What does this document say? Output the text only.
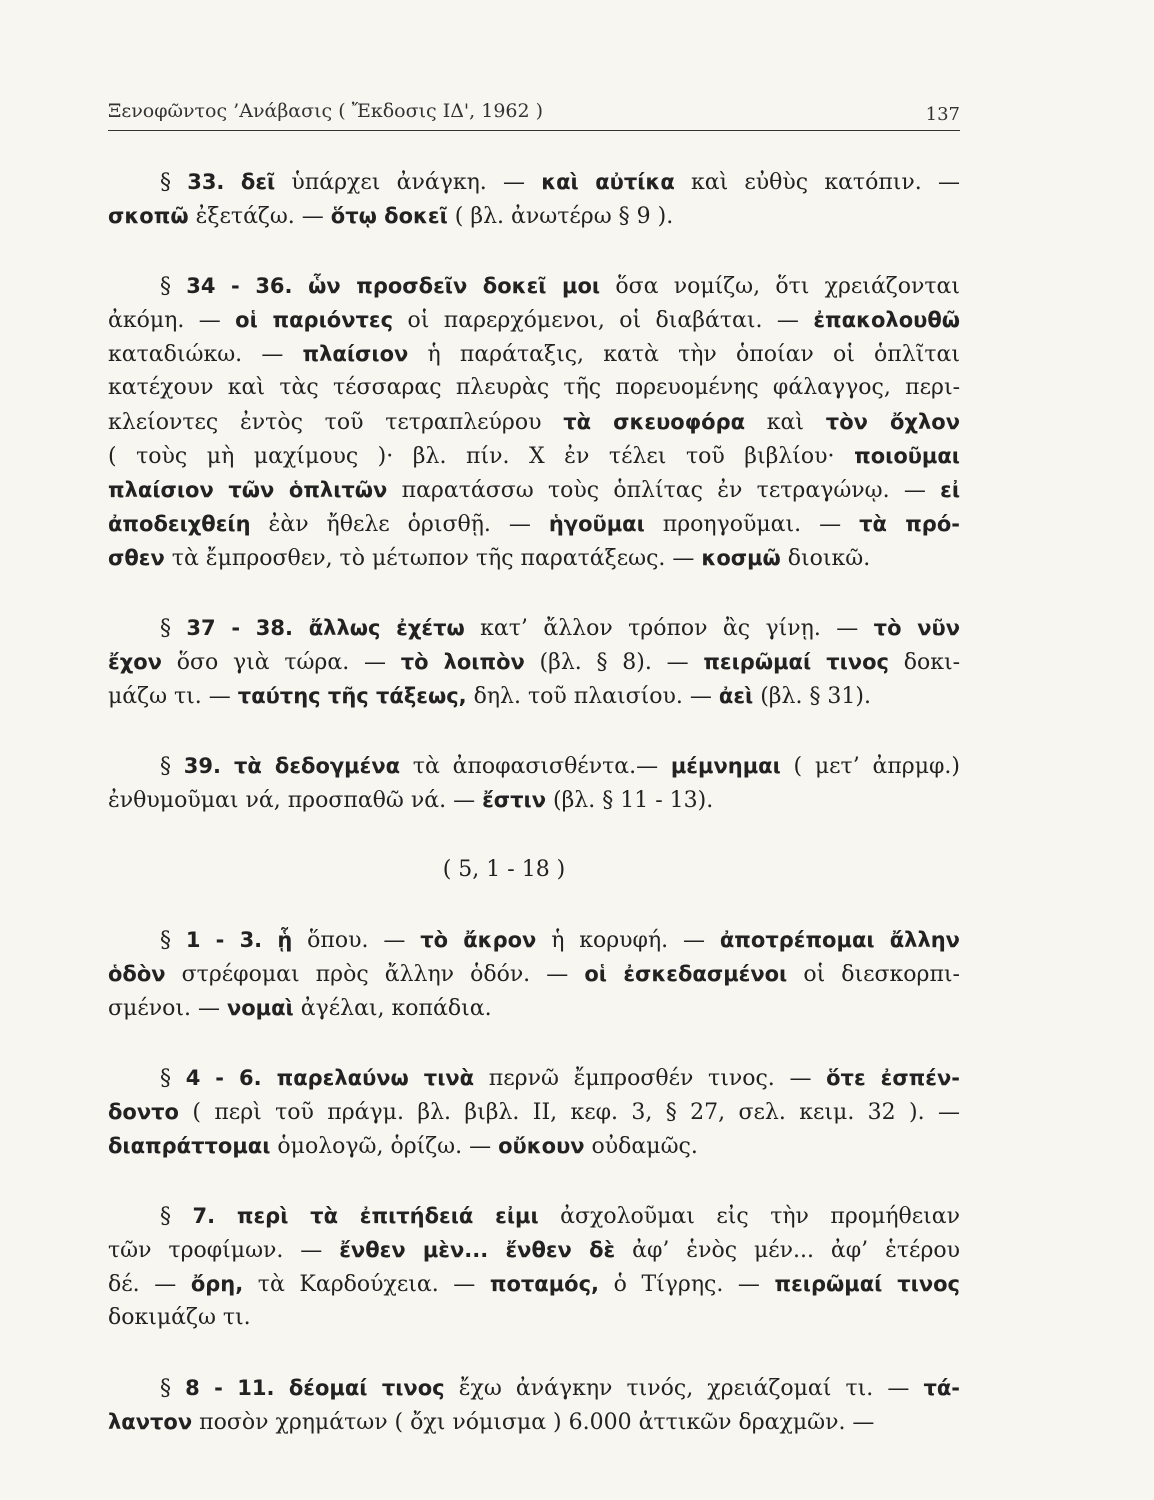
Ξενοφῶντος ’Ανάβασις ( Ἔκδοσις ΙΔ', 1962 )	137
§ 33. δεῖ ὑπάρχει ἀνάγκη. — καὶ αὐτίκα καὶ εὐθὺς κατόπιν. —
σκοπῶ ἐξετάζω. — ὅτῳ δοκεῖ ( βλ. ἀνωτέρω § 9 ).
§ 34 - 36. ὧν προσδεῖν δοκεῖ μοι ὅσα νομίζω, ὅτι χρειάζονται
ἀκόμη. — οἱ παριόντες οἱ παρερχόμενοι, οἱ διαβάται. — ἐπακολουθῶ
καταδιώκω. — πλαίσιον ἡ παράταξις, κατὰ τὴν ὁποίαν οἱ ὁπλῖται
κατέχουν καὶ τὰς τέσσαρας πλευρὰς τῆς πορευομένης φάλαγγος, περι-
κλείοντες ἐντὸς τοῦ τετραπλεύρου τὰ σκευοφόρα καὶ τὸν ὄχλον
( τοὺς μὴ μαχίμους )· βλ. πίν. Χ ἐν τέλει τοῦ βιβλίου· ποιοῦμαι
πλαίσιον τῶν ὁπλιτῶν παρατάσσω τοὺς ὁπλίτας ἐν τετραγώνῳ. — εἰ
ἀποδειχθείη ἐὰν ἤθελε ὁρισθῇ. — ἡγοῦμαι προηγοῦμαι. — τὰ πρό-
σθεν τὰ ἔμπροσθεν, τὸ μέτωπον τῆς παρατάξεως. — κοσμῶ διοικῶ.
§ 37 - 38. ἄλλως ἐχέτω κατ’ ἄλλον τρόπον ἂς γίνῃ. — τὸ νῦν
ἔχον ὅσο γιὰ τώρα. — τὸ λοιπὸν (βλ. § 8). — πειρῶμαί τινος δοκι-
μάζω τι. — ταύτης τῆς τάξεως, δηλ. τοῦ πλαισίου. — ἀεὶ (βλ. § 31).
§ 39. τὰ δεδογμένα τὰ ἀποφασισθέντα.— μέμνημαι ( μετ’ ἀπρμφ.)
ἐνθυμοῦμαι νά, προσπαθῶ νά. — ἔστιν (βλ. § 11 - 13).
( 5, 1 - 18 )
§ 1 - 3. ᾗ ὅπου. — τὸ ἄκρον ἡ κορυφή. — ἀποτρέπομαι ἄλλην
ὁδὸν στρέφομαι πρὸς ἄλλην ὁδόν. — οἱ ἐσκεδασμένοι οἱ διεσκορπι-
σμένοι. — νομαὶ ἀγέλαι, κοπάδια.
§ 4 - 6. παρελαύνω τινὰ περνῶ ἔμπροσθέν τινος. — ὅτε ἐσπέν-
δοντο ( περὶ τοῦ πράγμ. βλ. βιβλ. ΙΙ, κεφ. 3, § 27, σελ. κειμ. 32 ). —
διαπράττομαι ὁμολογῶ, ὁρίζω. — οὔκουν οὐδαμῶς.
§ 7. περὶ τὰ ἐπιτήδειά εἰμι ἀσχολοῦμαι εἰς τὴν προμήθειαν
τῶν τροφίμων. — ἔνθεν μὲν... ἔνθεν δὲ ἀφ’ ἑνὸς μέν... ἀφ’ ἑτέρου
δέ. — ὄρη, τὰ Καρδούχεια. — ποταμός, ὁ Τίγρης. — πειρῶμαί τινος
δοκιμάζω τι.
§ 8 - 11. δέομαί τινος ἔχω ἀνάγκην τινός, χρειάζομαί τι. — τά-
λαντον ποσὸν χρημάτων ( ὄχι νόμισμα ) 6.000 ἀττικῶν δραχμῶν. —
